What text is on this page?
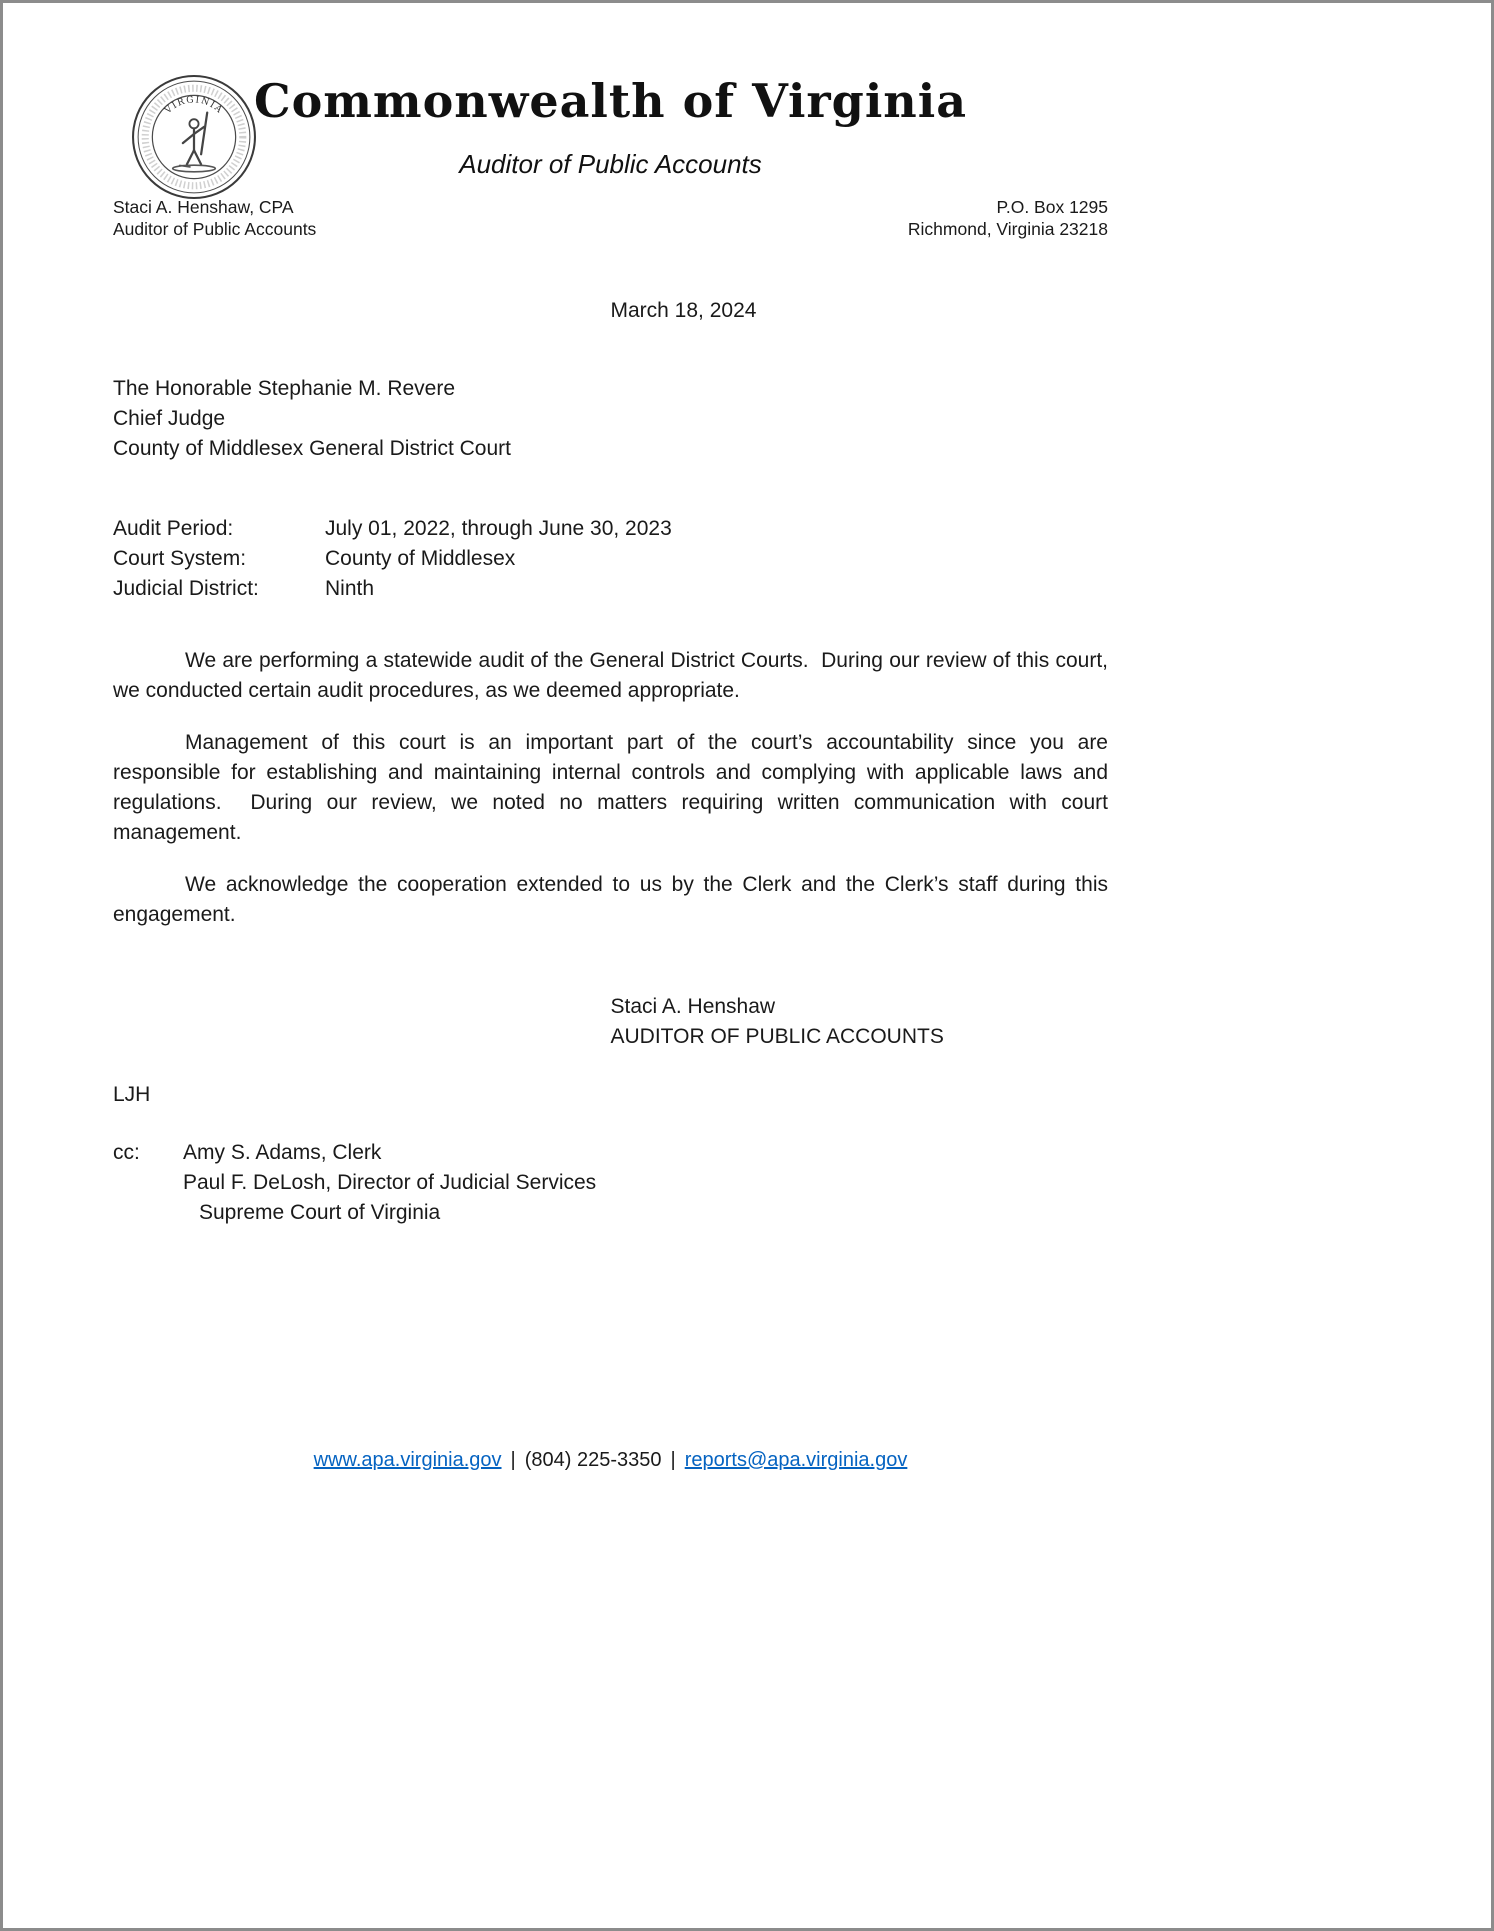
VIRGINIA Commonwealth of Virginia
Auditor of Public Accounts
Staci A. Henshaw, CPA
Auditor of Public Accounts
P.O. Box 1295
Richmond, Virginia 23218
March 18, 2024
The Honorable Stephanie M. Revere
Chief Judge
County of Middlesex General District Court
Audit Period:	July 01, 2022, through June 30, 2023
Court System:	County of Middlesex
Judicial District:	Ninth

We are performing a statewide audit of the General District Courts.  During our review of this court, we conducted certain audit procedures, as we deemed appropriate.

Management of this court is an important part of the court’s accountability since you are responsible for establishing and maintaining internal controls and complying with applicable laws and regulations.  During our review, we noted no matters requiring written communication with court management.

We acknowledge the cooperation extended to us by the Clerk and the Clerk’s staff during this engagement.

Staci A. Henshaw
AUDITOR OF PUBLIC ACCOUNTS
LJH
cc:	Amy S. Adams, Clerk
Paul F. DeLosh, Director of Judicial Services
Supreme Court of Virginia
www.apa.virginia.gov | (804) 225-3350 | reports@apa.virginia.gov
